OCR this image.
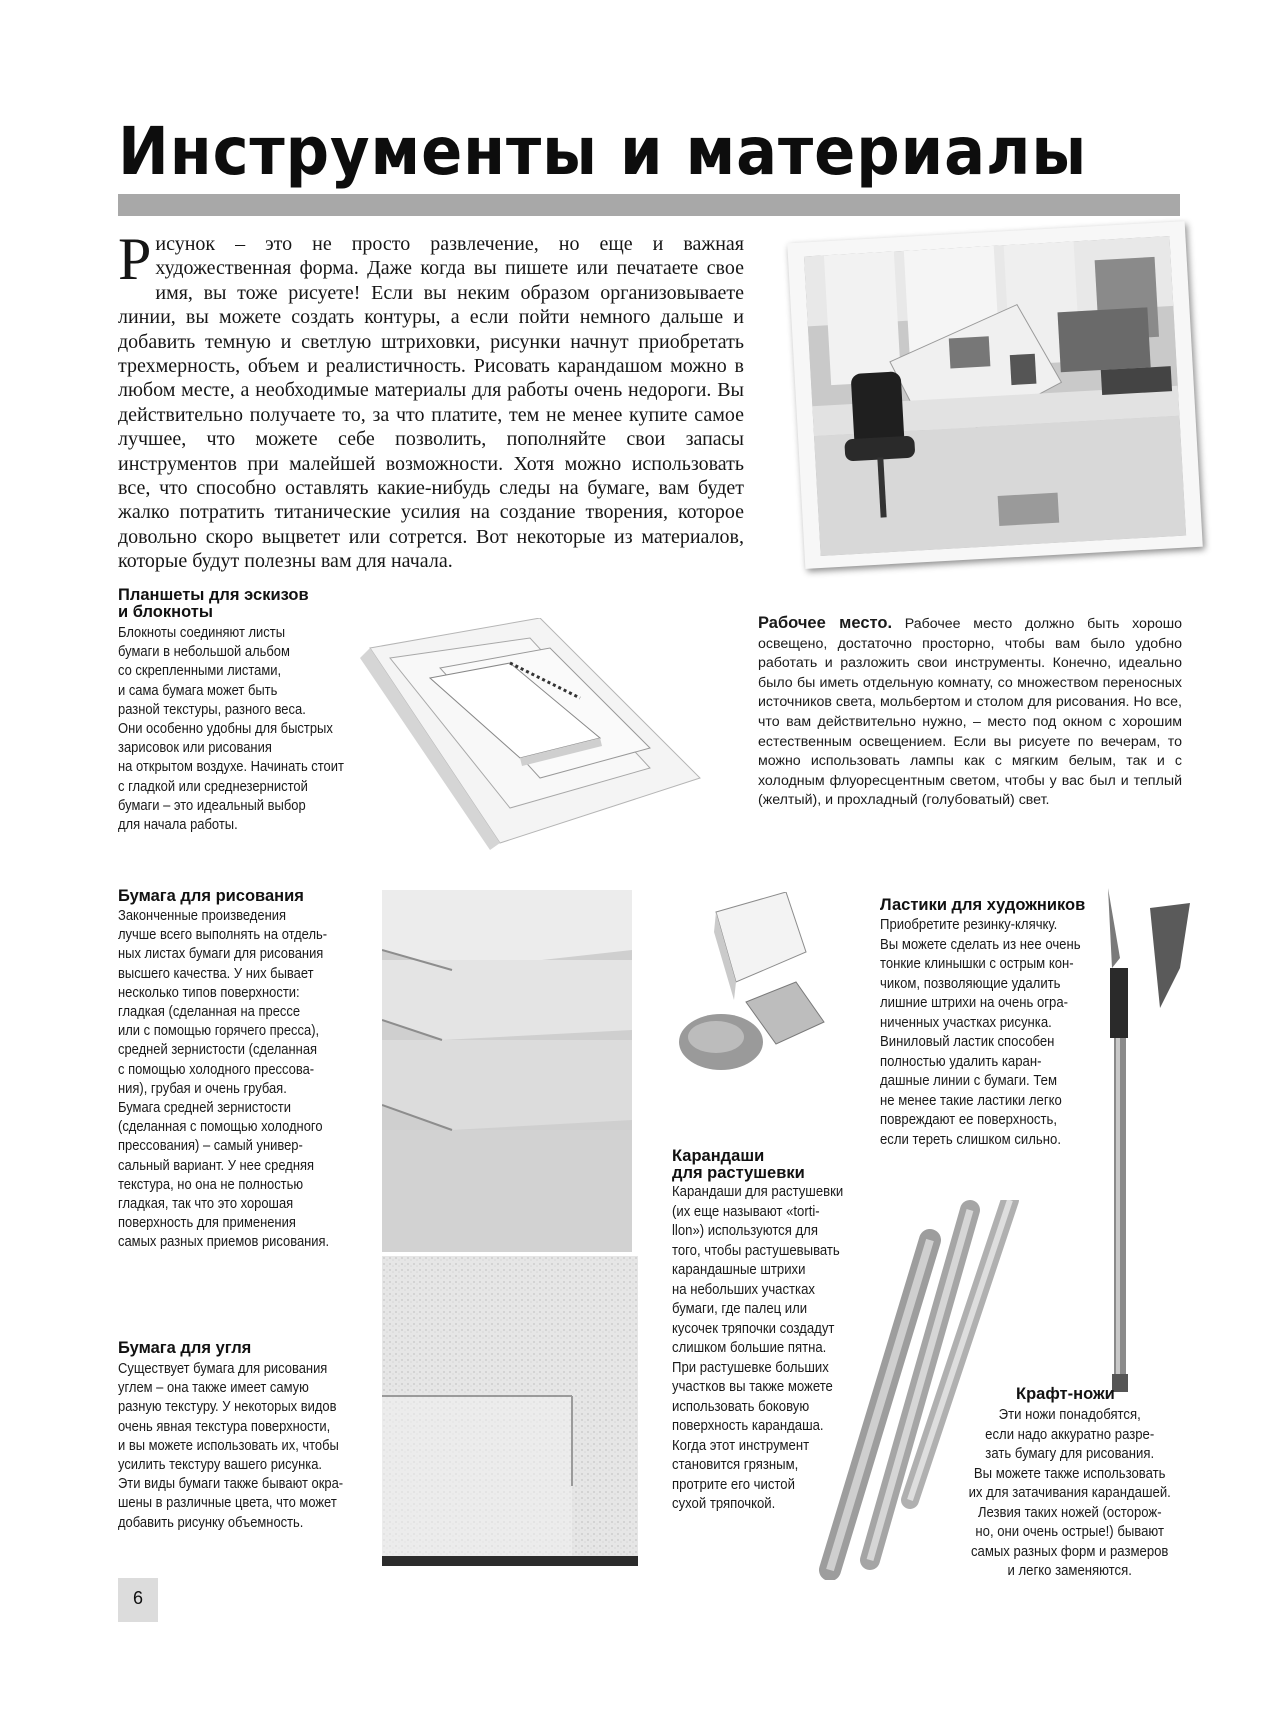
Инструменты и материалы
Рисунок – это не просто развлечение, но еще и важная художественная форма. Даже когда вы пишете или печатаете свое имя, вы тоже рисуете! Если вы неким образом организовываете линии, вы можете создать контуры, а если пойти немного дальше и добавить темную и светлую штриховки, рисунки начнут приобретать трехмерность, объем и реалистичность. Рисовать карандашом можно в любом месте, а необходимые материалы для работы очень недороги. Вы действительно получаете то, за что платите, тем не менее купите самое лучшее, что можете себе позволить, пополняйте свои запасы инструментов при малейшей возможности. Хотя можно использовать все, что способно оставлять какие-нибудь следы на бумаге, вам будет жалко потратить титанические усилия на создание творения, которое довольно скоро выцветет или сотрется. Вот некоторые из материалов, которые будут полезны вам для начала.
Рабочее место. Рабочее место должно быть хорошо освещено, достаточно просторно, чтобы вам было удобно работать и разложить свои инструменты. Конечно, идеально было бы иметь отдельную комнату, со множеством переносных источников света, мольбертом и столом для рисования. Но все, что вам действительно нужно, – место под окном с хорошим естественным освещением. Если вы рисуете по вечерам, то можно использовать лампы как с мягким белым, так и с холодным флуоресцентным светом, чтобы у вас был и теплый (желтый), и прохладный (голубоватый) свет.
Планшеты для эскизов
и блокноты
Блокноты соединяют листы
бумаги в небольшой альбом
со скрепленными листами,
и сама бумага может быть
разной текстуры, разного веса.
Они особенно удобны для быстрых
зарисовок или рисования
на открытом воздухе. Начинать стоит
с гладкой или среднезернистой
бумаги – это идеальный выбор
для начала работы.
Бумага для рисования
Законченные произведения
лучше всего выполнять на отдель-
ных листах бумаги для рисования
высшего качества. У них бывает
несколько типов поверхности:
гладкая (сделанная на прессе
или с помощью горячего пресса),
средней зернистости (сделанная
с помощью холодного прессова-
ния), грубая и очень грубая.
Бумага средней зернистости
(сделанная с помощью холодного
прессования) – самый универ-
сальный вариант. У нее средняя
текстура, но она не полностью
гладкая, так что это хорошая
поверхность для применения
самых разных приемов рисования.
Бумага для угля
Существует бумага для рисования
углем – она также имеет самую
разную текстуру. У некоторых видов
очень явная текстура поверхности,
и вы можете использовать их, чтобы
усилить текстуру вашего рисунка.
Эти виды бумаги также бывают окра-
шены в различные цвета, что может
добавить рисунку объемность.
Ластики для художников
Приобретите резинку-клячку.
Вы можете сделать из нее очень
тонкие клинышки с острым кон-
чиком, позволяющие удалить
лишние штрихи на очень огра-
ниченных участках рисунка.
Виниловый ластик способен
полностью удалить каран-
дашные линии с бумаги. Тем
не менее такие ластики легко
повреждают ее поверхность,
если тереть слишком сильно.
Карандаши
для растушевки
Карандаши для растушевки
(их еще называют «torti-
llon») используются для
того, чтобы растушевывать
карандашные штрихи
на небольших участках
бумаги, где палец или
кусочек тряпочки создадут
слишком большие пятна.
При растушевке больших
участков вы также можете
использовать боковую
поверхность карандаша.
Когда этот инструмент
становится грязным,
протрите его чистой
сухой тряпочкой.
Крафт-ножи
Эти ножи понадобятся,
если надо аккуратно разре-
зать бумагу для рисования.
Вы можете также использовать
их для затачивания карандашей.
Лезвия таких ножей (осторож-
но, они очень острые!) бывают
самых разных форм и размеров
и легко заменяются.
6
